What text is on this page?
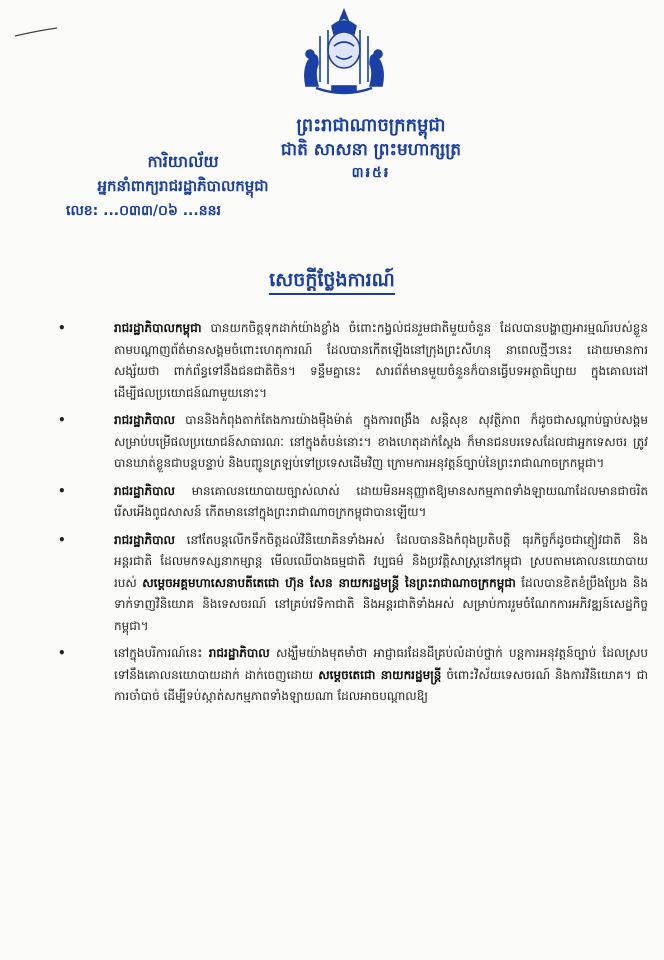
ព្រះរាជាណាចក្រកម្ពុជា
ជាតិ សាសនា ព្រះមហាក្សត្រ
៣៛៥៛
ការិយាល័យ
អ្នកនាំពាក្យរាជរដ្ឋាភិបាលកម្ពុជា
លេខ: ...០៣៣/០៦ ...ននរ
សេចក្ដីថ្លែងការណ៍

•	រាជរដ្ឋាភិបាលកម្ពុជា បានយកចិត្តទុកដាក់យ៉ាងខ្លាំង ចំពោះកង្វល់ជនរួមជាតិមួយចំនួន ដែលបានបង្ហាញអារម្មណ៍របស់ខ្លួនតាមបណ្ដាញព័ត៌មានសង្គមចំពោះហេតុការណ៍ ដែលបានកើតឡើងនៅក្រុងព្រះសីហនុ នាពេលថ្មីៗនេះ ដោយមានការសង្ស័យថា ពាក់ព័ន្ធទៅនឹងជនជាតិចិន។ ទន្ទឹមគ្នានេះ សារព័ត៌មានមួយចំនួនក៏បានធ្វើបទអត្ថាធិប្បាយ ក្នុងគោលដៅដើម្បីផលប្រយោជន៍ណាមួយនោះ។

•	រាជរដ្ឋាភិបាល បាននិងកំពុងតាក់តែងការយ៉ាងម៉ឺងម៉ាត់ ក្នុងការពង្រឹង សន្តិសុខ សុវត្ថិភាព ក៏ដូចជាសណ្ដាប់ធ្នាប់សង្គម សម្រាប់បម្រើផលប្រយោជន៍សាធារណៈ នៅក្នុងតំបន់នោះ។ ខាងហេតុដាក់ស្ដែង ក៏មានជនបរទេសដែលជាអ្នកទេសចរ ត្រូវបានឃាត់ខ្លួនជាបន្តបន្ទាប់ និងបញ្ជូនត្រឡប់ទៅប្រទេសដើមវិញ ក្រោមការអនុវត្តន៍ច្បាប់នៃព្រះរាជាណាចក្រកម្ពុជា។

•	រាជរដ្ឋាភិបាល មានគោលនយោបាយច្បាស់លាស់ ដោយមិនអនុញ្ញាតឱ្យមានសកម្មភាពទាំងឡាយណាដែលមានជាចរិតរើសអើងពូជសាសន៍ កើតមាននៅក្នុងព្រះរាជាណាចក្រកម្ពុជាបានឡើយ។

•	រាជរដ្ឋាភិបាល នៅតែបន្តលើកទឹកចិត្តដល់វិនិយោគិនទាំងអស់ ដែលបាននិងកំពុងប្រតិបត្តិ ធុរកិច្ចក៏ដូចជាភ្ញៀវជាតិ និងអន្តរជាតិ ដែលមកទស្សនាកម្សាន្ត មើលឈើបាងធម្មជាតិ វប្បធម៌ និងប្រវត្តិសាស្ត្រនៅកម្ពុជា ស្របតាមគោលនយោបាយរបស់ សម្ដេចអគ្គមហាសេនាបតីតេជោ ហ៊ុន សែន នាយករដ្ឋមន្ត្រី នៃព្រះរាជាណាចក្រកម្ពុជា ដែលបានខិតខំប្រឹងប្រែង និងទាក់ទាញវិនិយោគ និងទេសចរណ៍ នៅគ្រប់វេទិកាជាតិ និងអន្តរជាតិទាំងអស់ សម្រាប់ការរួមចំណែកការអភិវឌ្ឍន៍សេដ្ឋកិច្ចកម្ពុជា។

•	នៅក្នុងបរិការណ៍នេះ រាជរដ្ឋាភិបាល សង្ឃឹមយ៉ាងមុតមាំថា អាជ្ញាធរដែនដីគ្រប់លំដាប់ថ្នាក់ បន្តការអនុវត្តន៍ច្បាប់ ដែលស្របទៅនឹងគោលនយោបាយដាក់ ដាក់ចេញដោយ សម្ដេចតេជោ នាយករដ្ឋមន្ត្រី ចំពោះវិស័យទេសចរណ៍ និងការវិនិយោគ។ ជាការចាំបាច់ ដើម្បីទប់ស្កាត់សកម្មភាពទាំងឡាយណា ដែលអាចបណ្ដាលឱ្យ
